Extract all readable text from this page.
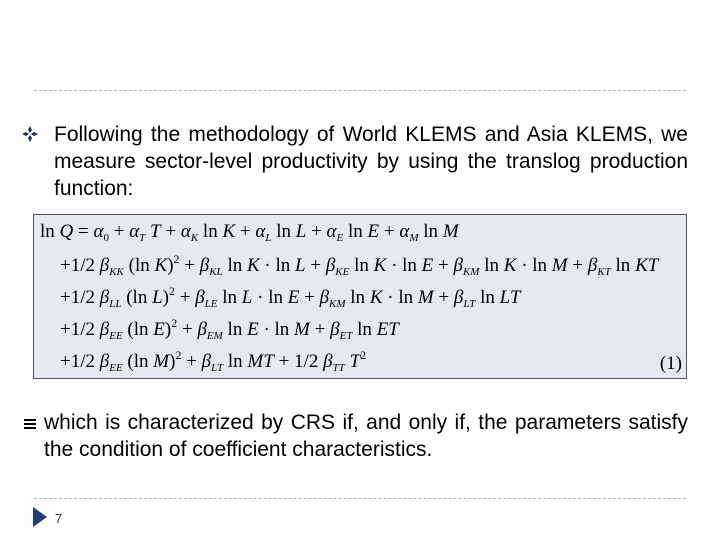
Following the methodology of World KLEMS and Asia KLEMS, we measure sector-level productivity by using the translog production function:
$\ln Q = \alpha_0 + \alpha_T$ $T + \alpha_K$ $\ln K + \alpha_L$ $\ln L + \alpha_E$ $\ln E + \alpha_M$ ln M
+1/2 $\beta_{KK}$ (ln $K)^2 + \beta_{KL}$ $\ln K \cdot \ln L + \beta_{KE}$ $\ln K \cdot \ln E + \beta_{KM}$ $\ln K \cdot \ln M + \beta_{KT}$ ln KT
+1/2 $\beta_{LL}$ (ln $L)^2 + \beta_{LE}$ $\ln L \cdot \ln E + \beta_{KM}$ $\ln K \cdot \ln M + \beta_{LT}$ ln LT
+1/2 $\beta_{EE}$ (ln $E)^2 + \beta_{EM}$ $\ln E \cdot \ln M + \beta_{ET}$ ln ET
+1/2 $\beta_{EE}$ (ln $M)^2 + \beta_{LT}$ ln MT + 1/2 $\beta_{TT}$ $T^2$	(1)
which is characterized by CRS if, and only if, the parameters satisfy the condition of coefficient characteristics.
7
